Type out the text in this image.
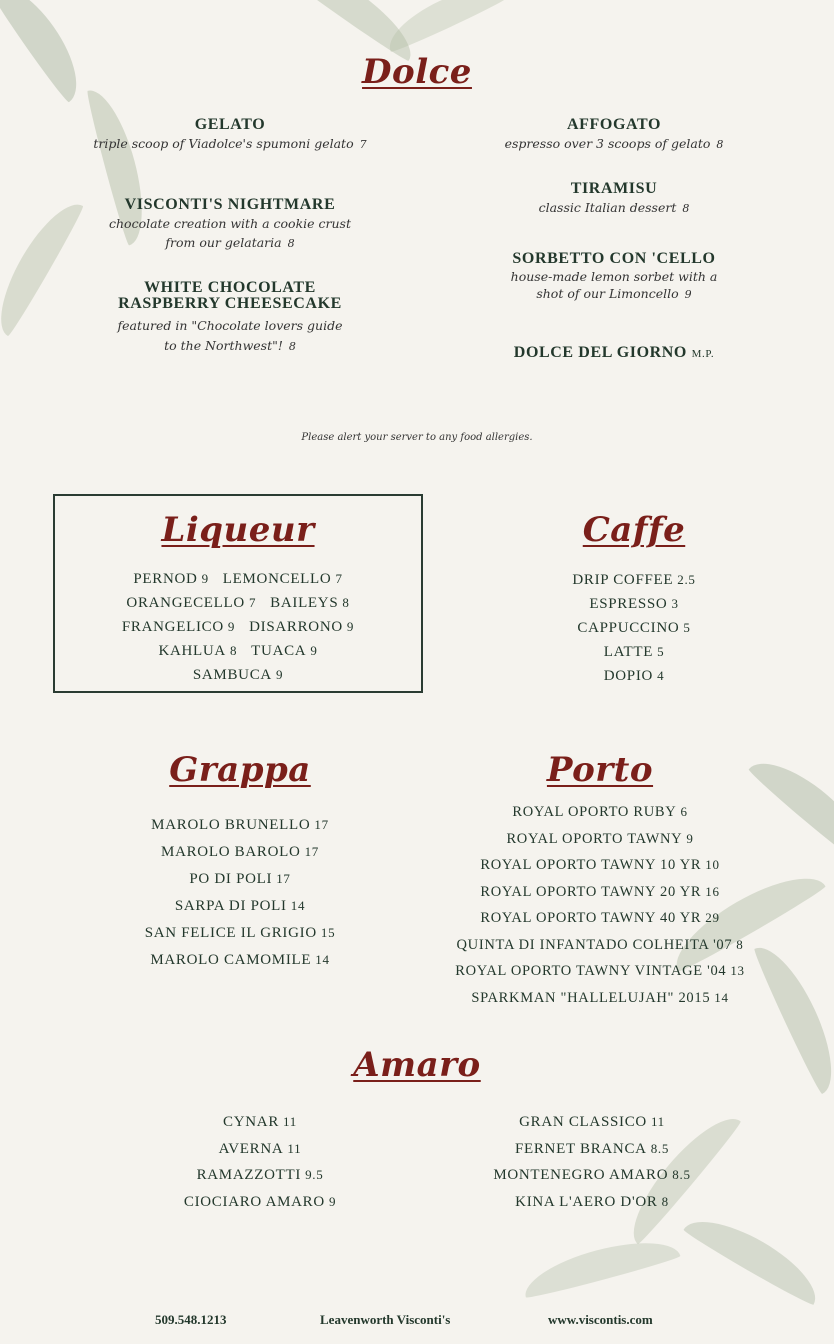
Dolce
GELATO
triple scoop of Viadolce's spumoni gelato 7
VISCONTI'S NIGHTMARE
chocolate creation with a cookie crust
from our gelataria 8
WHITE CHOCOLATE
RASPBERRY CHEESECAKE
featured in "Chocolate lovers guide
to the Northwest"! 8
AFFOGATO
espresso over 3 scoops of gelato 8
TIRAMISU
classic Italian dessert 8
SORBETTO CON 'CELLO
house-made lemon sorbet with a
shot of our Limoncello 9
DOLCE DEL GIORNO M.P.
Please alert your server to any food allergies.
Liqueur
PERNOD 9 LEMONCELLO 7
ORANGECELLO 7 BAILEYS 8
FRANGELICO 9 DISARRONO 9
KAHLUA 8 TUACA 9
SAMBUCA 9
Caffe
DRIP COFFEE 2.5
ESPRESSO 3
CAPPUCCINO 5
LATTE 5
DOPIO 4
Grappa
MAROLO BRUNELLO 17
MAROLO BAROLO 17
PO DI POLI 17
SARPA DI POLI 14
SAN FELICE IL GRIGIO 15
MAROLO CAMOMILE 14
Porto
ROYAL OPORTO RUBY 6
ROYAL OPORTO TAWNY 9
ROYAL OPORTO TAWNY 10 YR 10
ROYAL OPORTO TAWNY 20 YR 16
ROYAL OPORTO TAWNY 40 YR 29
QUINTA DI INFANTADO COLHEITA '07 8
ROYAL OPORTO TAWNY VINTAGE '04 13
SPARKMAN "HALLELUJAH" 2015 14
Amaro
CYNAR 11
AVERNA 11
RAMAZZOTTI 9.5
CIOCIARO AMARO 9
GRAN CLASSICO 11
FERNET BRANCA 8.5
MONTENEGRO AMARO 8.5
KINA L'AERO D'OR 8
509.548.1213	Leavenworth Visconti's	www.viscontis.com
